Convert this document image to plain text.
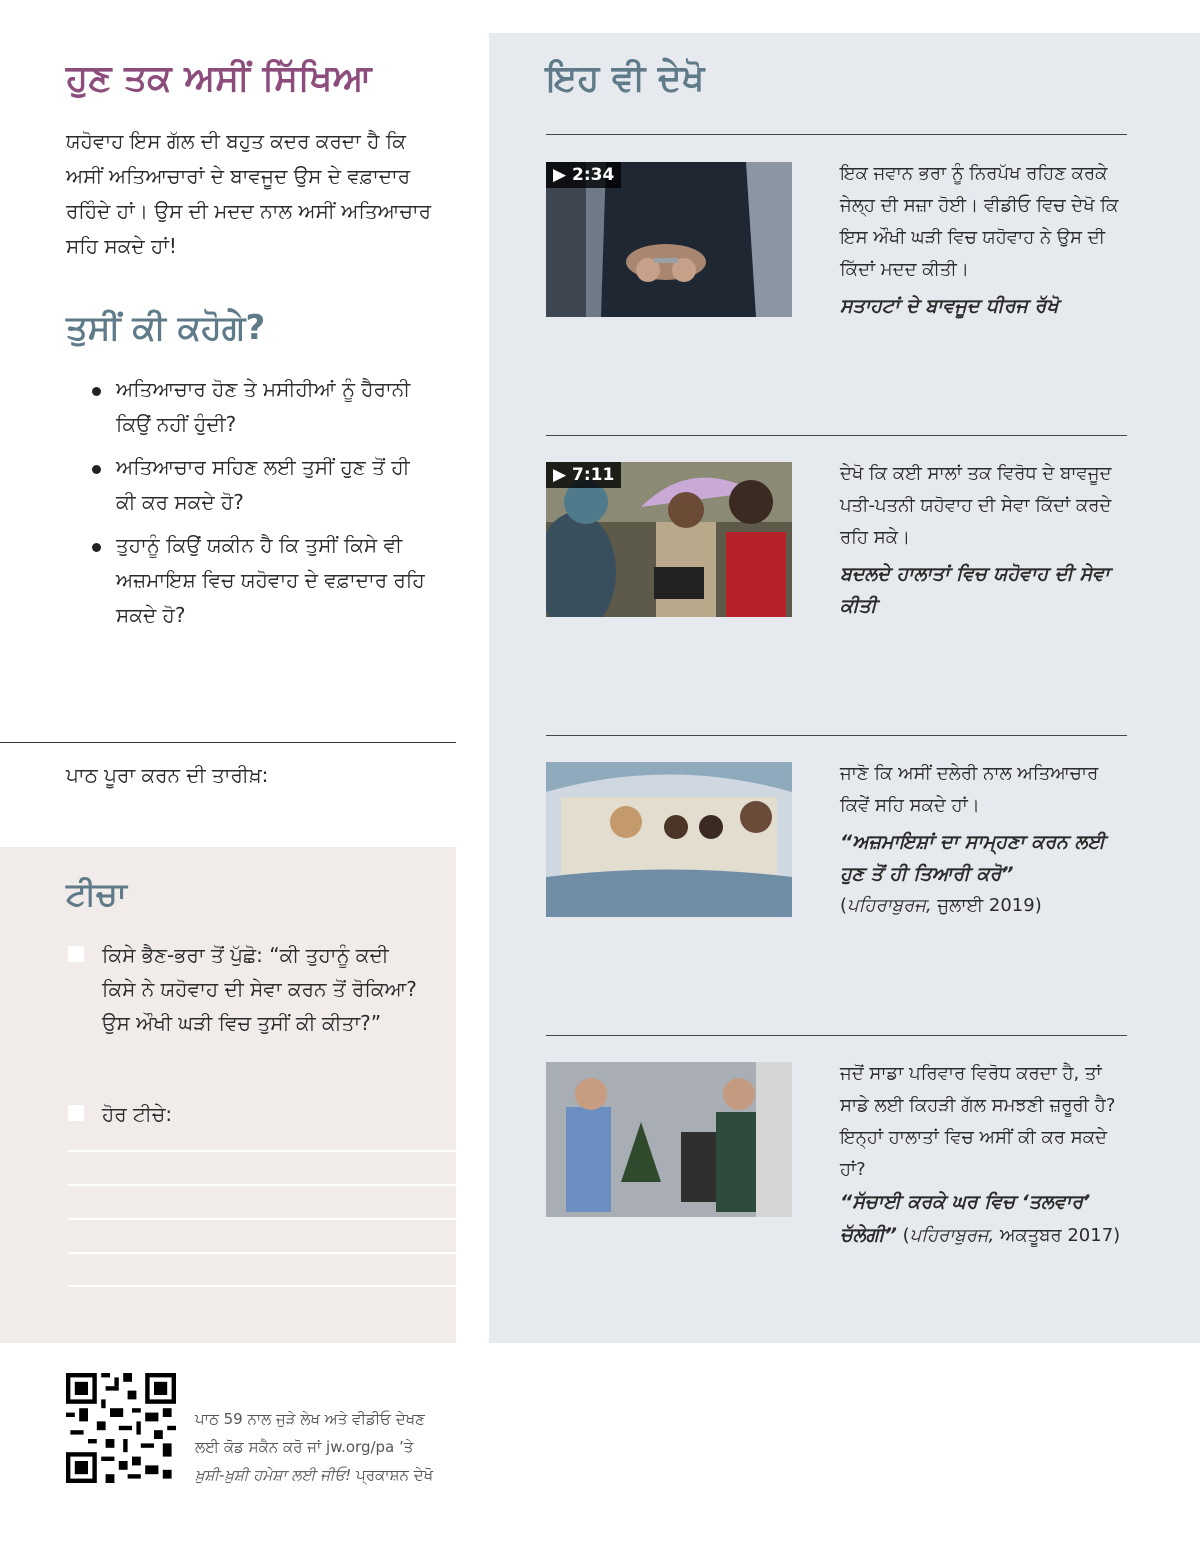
ਹੁਣ ਤਕ ਅਸੀਂ ਸਿੱਖਿਆ

ਯਹੋਵਾਹ ਇਸ ਗੱਲ ਦੀ ਬਹੁਤ ਕਦਰ ਕਰਦਾ ਹੈ ਕਿ ਅਸੀਂ ਅਤਿਆਚਾਰਾਂ ਦੇ ਬਾਵਜੂਦ ਉਸ ਦੇ ਵਫ਼ਾਦਾਰ ਰਹਿੰਦੇ ਹਾਂ। ਉਸ ਦੀ ਮਦਦ ਨਾਲ ਅਸੀਂ ਅਤਿਆਚਾਰ ਸਹਿ ਸਕਦੇ ਹਾਂ!

ਤੁਸੀਂ ਕੀ ਕਹੋਗੇ?
ਅਤਿਆਚਾਰ ਹੋਣ ਤੇ ਮਸੀਹੀਆਂ ਨੂੰ ਹੈਰਾਨੀ ਕਿਉਂ ਨਹੀਂ ਹੁੰਦੀ?
ਅਤਿਆਚਾਰ ਸਹਿਣ ਲਈ ਤੁਸੀਂ ਹੁਣ ਤੋਂ ਹੀ ਕੀ ਕਰ ਸਕਦੇ ਹੋ?
ਤੁਹਾਨੂੰ ਕਿਉਂ ਯਕੀਨ ਹੈ ਕਿ ਤੁਸੀਂ ਕਿਸੇ ਵੀ ਅਜ਼ਮਾਇਸ਼ ਵਿਚ ਯਹੋਵਾਹ ਦੇ ਵਫ਼ਾਦਾਰ ਰਹਿ ਸਕਦੇ ਹੋ?
ਪਾਠ ਪੂਰਾ ਕਰਨ ਦੀ ਤਾਰੀਖ਼:
ਟੀਚਾ
ਕਿਸੇ ਭੈਣ-ਭਰਾ ਤੋਂ ਪੁੱਛੋ: “ਕੀ ਤੁਹਾਨੂੰ ਕਦੀ ਕਿਸੇ ਨੇ ਯਹੋਵਾਹ ਦੀ ਸੇਵਾ ਕਰਨ ਤੋਂ ਰੋਕਿਆ? ਉਸ ਔਖੀ ਘੜੀ ਵਿਚ ਤੁਸੀਂ ਕੀ ਕੀਤਾ?”
ਹੋਰ ਟੀਚੇ:
ਇਹ ਵੀ ਦੇਖੋ
▶ 2:34	ਇਕ ਜਵਾਨ ਭਰਾ ਨੂੰ ਨਿਰਪੱਖ ਰਹਿਣ ਕਰਕੇ ਜੇਲ੍ਹ ਦੀ ਸਜ਼ਾ ਹੋਈ। ਵੀਡੀਓ ਵਿਚ ਦੇਖੋ ਕਿ ਇਸ ਔਖੀ ਘੜੀ ਵਿਚ ਯਹੋਵਾਹ ਨੇ ਉਸ ਦੀ ਕਿੱਦਾਂ ਮਦਦ ਕੀਤੀ।
ਸਤਾਹਟਾਂ ਦੇ ਬਾਵਜੂਦ ਧੀਰਜ ਰੱਖੋ
▶ 7:11	ਦੇਖੋ ਕਿ ਕਈ ਸਾਲਾਂ ਤਕ ਵਿਰੋਧ ਦੇ ਬਾਵਜੂਦ ਪਤੀ-ਪਤਨੀ ਯਹੋਵਾਹ ਦੀ ਸੇਵਾ ਕਿੱਦਾਂ ਕਰਦੇ ਰਹਿ ਸਕੇ।
ਬਦਲਦੇ ਹਾਲਾਤਾਂ ਵਿਚ ਯਹੋਵਾਹ ਦੀ ਸੇਵਾ ਕੀਤੀ
ਜਾਣੋ ਕਿ ਅਸੀਂ ਦਲੇਰੀ ਨਾਲ ਅਤਿਆਚਾਰ ਕਿਵੇਂ ਸਹਿ ਸਕਦੇ ਹਾਂ।
“ਅਜ਼ਮਾਇਸ਼ਾਂ ਦਾ ਸਾਮ੍ਹਣਾ ਕਰਨ ਲਈ ਹੁਣ ਤੋਂ ਹੀ ਤਿਆਰੀ ਕਰੋ”
(ਪਹਿਰਾਬੁਰਜ, ਜੁਲਾਈ 2019)
ਜਦੋਂ ਸਾਡਾ ਪਰਿਵਾਰ ਵਿਰੋਧ ਕਰਦਾ ਹੈ, ਤਾਂ ਸਾਡੇ ਲਈ ਕਿਹੜੀ ਗੱਲ ਸਮਝਣੀ ਜ਼ਰੂਰੀ ਹੈ? ਇਨ੍ਹਾਂ ਹਾਲਾਤਾਂ ਵਿਚ ਅਸੀਂ ਕੀ ਕਰ ਸਕਦੇ ਹਾਂ?
“ਸੱਚਾਈ ਕਰਕੇ ਘਰ ਵਿਚ ‘ਤਲਵਾਰ’ ਚੱਲੇਗੀ” (ਪਹਿਰਾਬੁਰਜ, ਅਕਤੂਬਰ 2017)
ਪਾਠ 59 ਨਾਲ ਜੁੜੇ ਲੇਖ ਅਤੇ ਵੀਡੀਓ ਦੇਖਣ
ਲਈ ਕੋਡ ਸਕੈਨ ਕਰੋ ਜਾਂ jw.org/pa ’ਤੇ
ਖ਼ੁਸ਼ੀ-ਖ਼ੁਸ਼ੀ ਹਮੇਸ਼ਾ ਲਈ ਜੀਓ! ਪ੍ਰਕਾਸ਼ਨ ਦੇਖੋ
